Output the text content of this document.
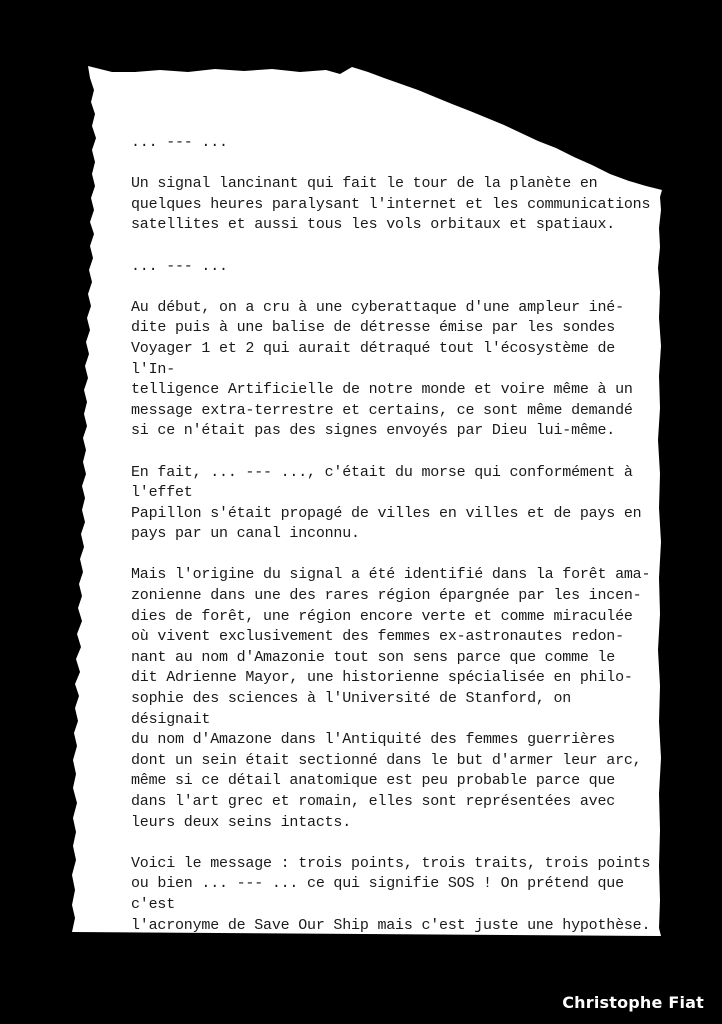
... --- ...

Un signal lancinant qui fait le tour de la planète en
quelques heures paralysant l'internet et les communications
satellites et aussi tous les vols orbitaux et spatiaux.

... --- ...

Au début, on a cru à une cyberattaque d'une ampleur iné-
dite puis à une balise de détresse émise par les sondes
Voyager 1 et 2 qui aurait détraqué tout l'écosystème de l'In-
telligence Artificielle de notre monde et voire même à un
message extra-terrestre et certains, ce sont même demandé
si ce n'était pas des signes envoyés par Dieu lui-même.

En fait, ... --- ..., c'était du morse qui conformément à l'effet
Papillon s'était propagé de villes en villes et de pays en
pays par un canal inconnu.

Mais l'origine du signal a été identifié dans la forêt ama-
zonienne dans une des rares région épargnée par les incen-
dies de forêt, une région encore verte et comme miraculée
où vivent exclusivement des femmes ex-astronautes redon-
nant au nom d'Amazonie tout son sens parce que comme le
dit Adrienne Mayor, une historienne spécialisée en philo-
sophie des sciences à l'Université de Stanford, on désignait
du nom d'Amazone dans l'Antiquité des femmes guerrières
dont un sein était sectionné dans le but d'armer leur arc,
même si ce détail anatomique est peu probable parce que
dans l'art grec et romain, elles sont représentées avec
leurs deux seins intacts.

Voici le message : trois points, trois traits, trois points
ou bien ... --- ... ce qui signifie SOS ! On prétend que c'est
l'acronyme de Save Our Ship mais c'est juste une hypothèse.

Christophe Fiat
